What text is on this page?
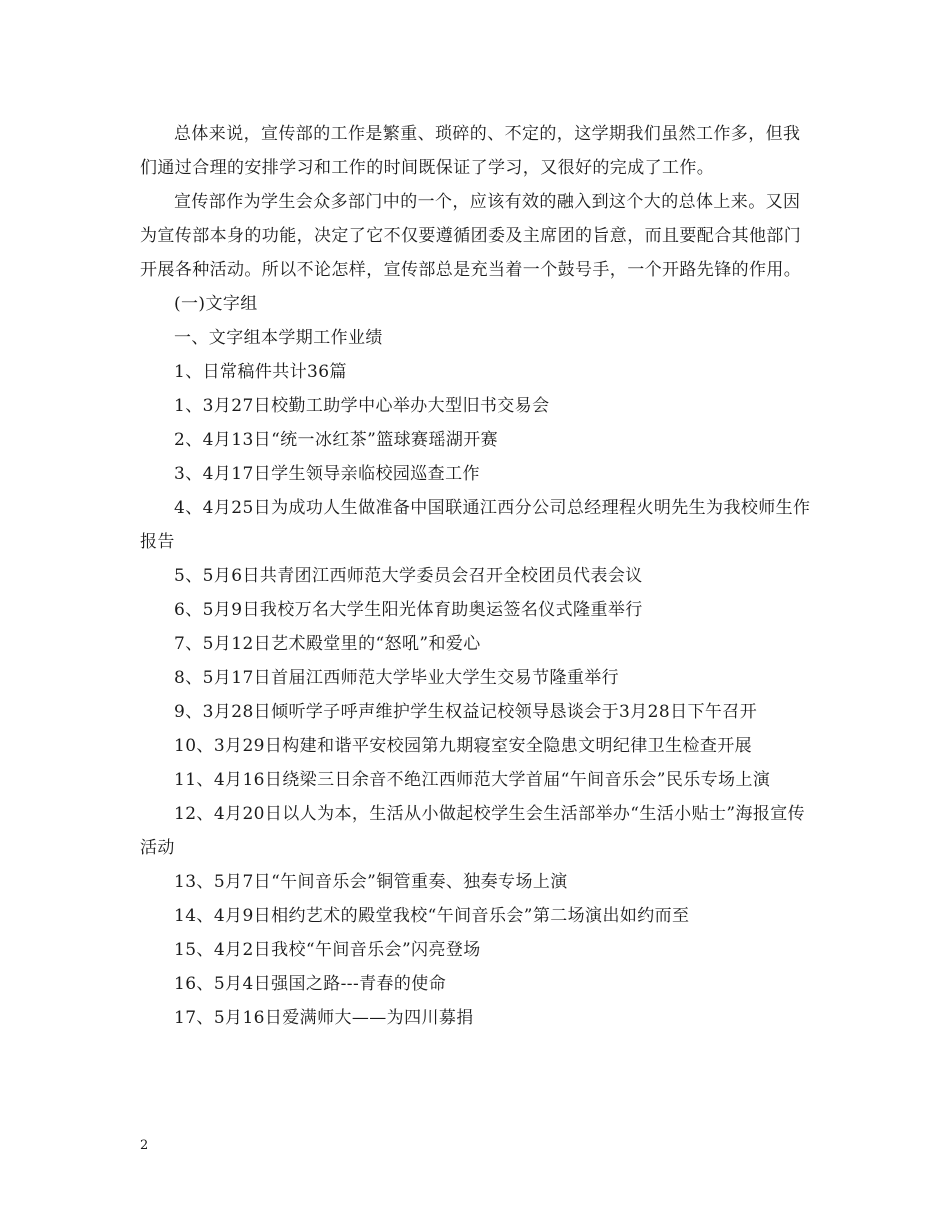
总体来说，宣传部的工作是繁重、琐碎的、不定的，这学期我们虽然工作多，但我们通过合理的安排学习和工作的时间既保证了学习，又很好的完成了工作。

宣传部作为学生会众多部门中的一个，应该有效的融入到这个大的总体上来。又因为宣传部本身的功能，决定了它不仅要遵循团委及主席团的旨意，而且要配合其他部门开展各种活动。所以不论怎样，宣传部总是充当着一个鼓号手，一个开路先锋的作用。

(一)文字组

一、文字组本学期工作业绩

1、日常稿件共计36篇

1、3月27日校勤工助学中心举办大型旧书交易会

2、4月13日“统一冰红茶”篮球赛瑶湖开赛

3、4月17日学生领导亲临校园巡查工作

4、4月25日为成功人生做准备中国联通江西分公司总经理程火明先生为我校师生作报告

5、5月6日共青团江西师范大学委员会召开全校团员代表会议

6、5月9日我校万名大学生阳光体育助奥运签名仪式隆重举行

7、5月12日艺术殿堂里的“怒吼”和爱心

8、5月17日首届江西师范大学毕业大学生交易节隆重举行

9、3月28日倾听学子呼声维护学生权益记校领导恳谈会于3月28日下午召开

10、3月29日构建和谐平安校园第九期寝室安全隐患文明纪律卫生检查开展

11、4月16日绕梁三日余音不绝江西师范大学首届“午间音乐会”民乐专场上演

12、4月20日以人为本，生活从小做起校学生会生活部举办“生活小贴士”海报宣传活动

13、5月7日“午间音乐会”铜管重奏、独奏专场上演

14、4月9日相约艺术的殿堂我校“午间音乐会”第二场演出如约而至

15、4月2日我校“午间音乐会”闪亮登场

16、5月4日强国之路---青春的使命

17、5月16日爱满师大——为四川募捐

2
